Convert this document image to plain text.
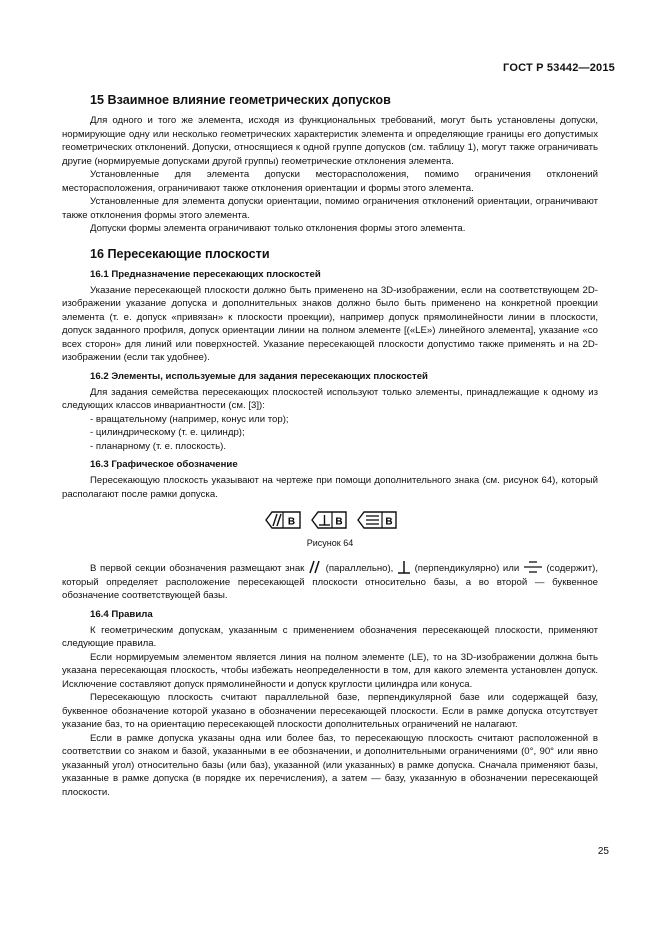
ГОСТ Р 53442—2015
15 Взаимное влияние геометрических допусков

Для одного и того же элемента, исходя из функциональных требований, могут быть установлены допуски, нормирующие одну или несколько геометрических характеристик элемента и определяющие границы его допустимых геометрических отклонений. Допуски, относящиеся к одной группе допусков (см. таблицу 1), могут также ограничивать другие (нормируемые допусками другой группы) геометрические отклонения элемента.

Установленные для элемента допуски месторасположения, помимо ограничения отклонений месторасположения, ограничивают также отклонения ориентации и формы этого элемента.

Установленные для элемента допуски ориентации, помимо ограничения отклонений ориентации, ограничивают также отклонения формы этого элемента.

Допуски формы элемента ограничивают только отклонения формы этого элемента.

16 Пересекающие плоскости
16.1 Предназначение пересекающих плоскостей

Указание пересекающей плоскости должно быть применено на 3D-изображении, если на соответствующем 2D-изображении указание допуска и дополнительных знаков должно было быть применено на конкретной проекции элемента (т. е. допуск «привязан» к плоскости проекции), например допуск прямолинейности линии в плоскости, допуск заданного профиля, допуск ориентации линии на полном элементе [(«LE») линейного элемента], указание «со всех сторон» для линий или поверхностей. Указание пересекающей плоскости допустимо также применять и на 2D-изображении (если так удобнее).

16.2 Элементы, используемые для задания пересекающих плоскостей

Для задания семейства пересекающих плоскостей используют только элементы, принадлежащие к одному из следующих классов инвариантности (см. [3]):

- вращательному (например, конус или тор);
- цилиндрическому (т. е. цилиндр);
- планарному (т. е. плоскость).
16.3 Графическое обозначение

Пересекающую плоскость указывают на чертеже при помощи дополнительного знака (см. рисунок 64), который располагают после рамки допуска.

B	B	B
Рисунок 64

В первой секции обозначения размещают знак (параллельно), (перпендикулярно) или	(содержит), который определяет расположение пересекающей плоскости относительно базы, а во второй — буквенное обозначение соответствующей базы.

16.4 Правила

К геометрическим допускам, указанным с применением обозначения пересекающей плоскости, применяют следующие правила.

Если нормируемым элементом является линия на полном элементе (LE), то на 3D-изображении должна быть указана пересекающая плоскость, чтобы избежать неопределенности в том, для какого элемента установлен допуск. Исключение составляют допуск прямолинейности и допуск круглости цилиндра или конуса.

Пересекающую плоскость считают параллельной базе, перпендикулярной базе или содержащей базу, буквенное обозначение которой указано в обозначении пересекающей плоскости. Если в рамке допуска отсутствует указание баз, то на ориентацию пересекающей плоскости дополнительных ограничений не налагают.

Если в рамке допуска указаны одна или более баз, то пересекающую плоскость считают расположенной в соответствии со знаком и базой, указанными в ее обозначении, и дополнительными ограничениями (0°, 90° или явно указанный угол) относительно базы (или баз), указанной (или указанных) в рамке допуска. Сначала применяют базы, указанные в рамке допуска (в порядке их перечисления), а затем — базу, указанную в обозначении пересекающей плоскости.

25
